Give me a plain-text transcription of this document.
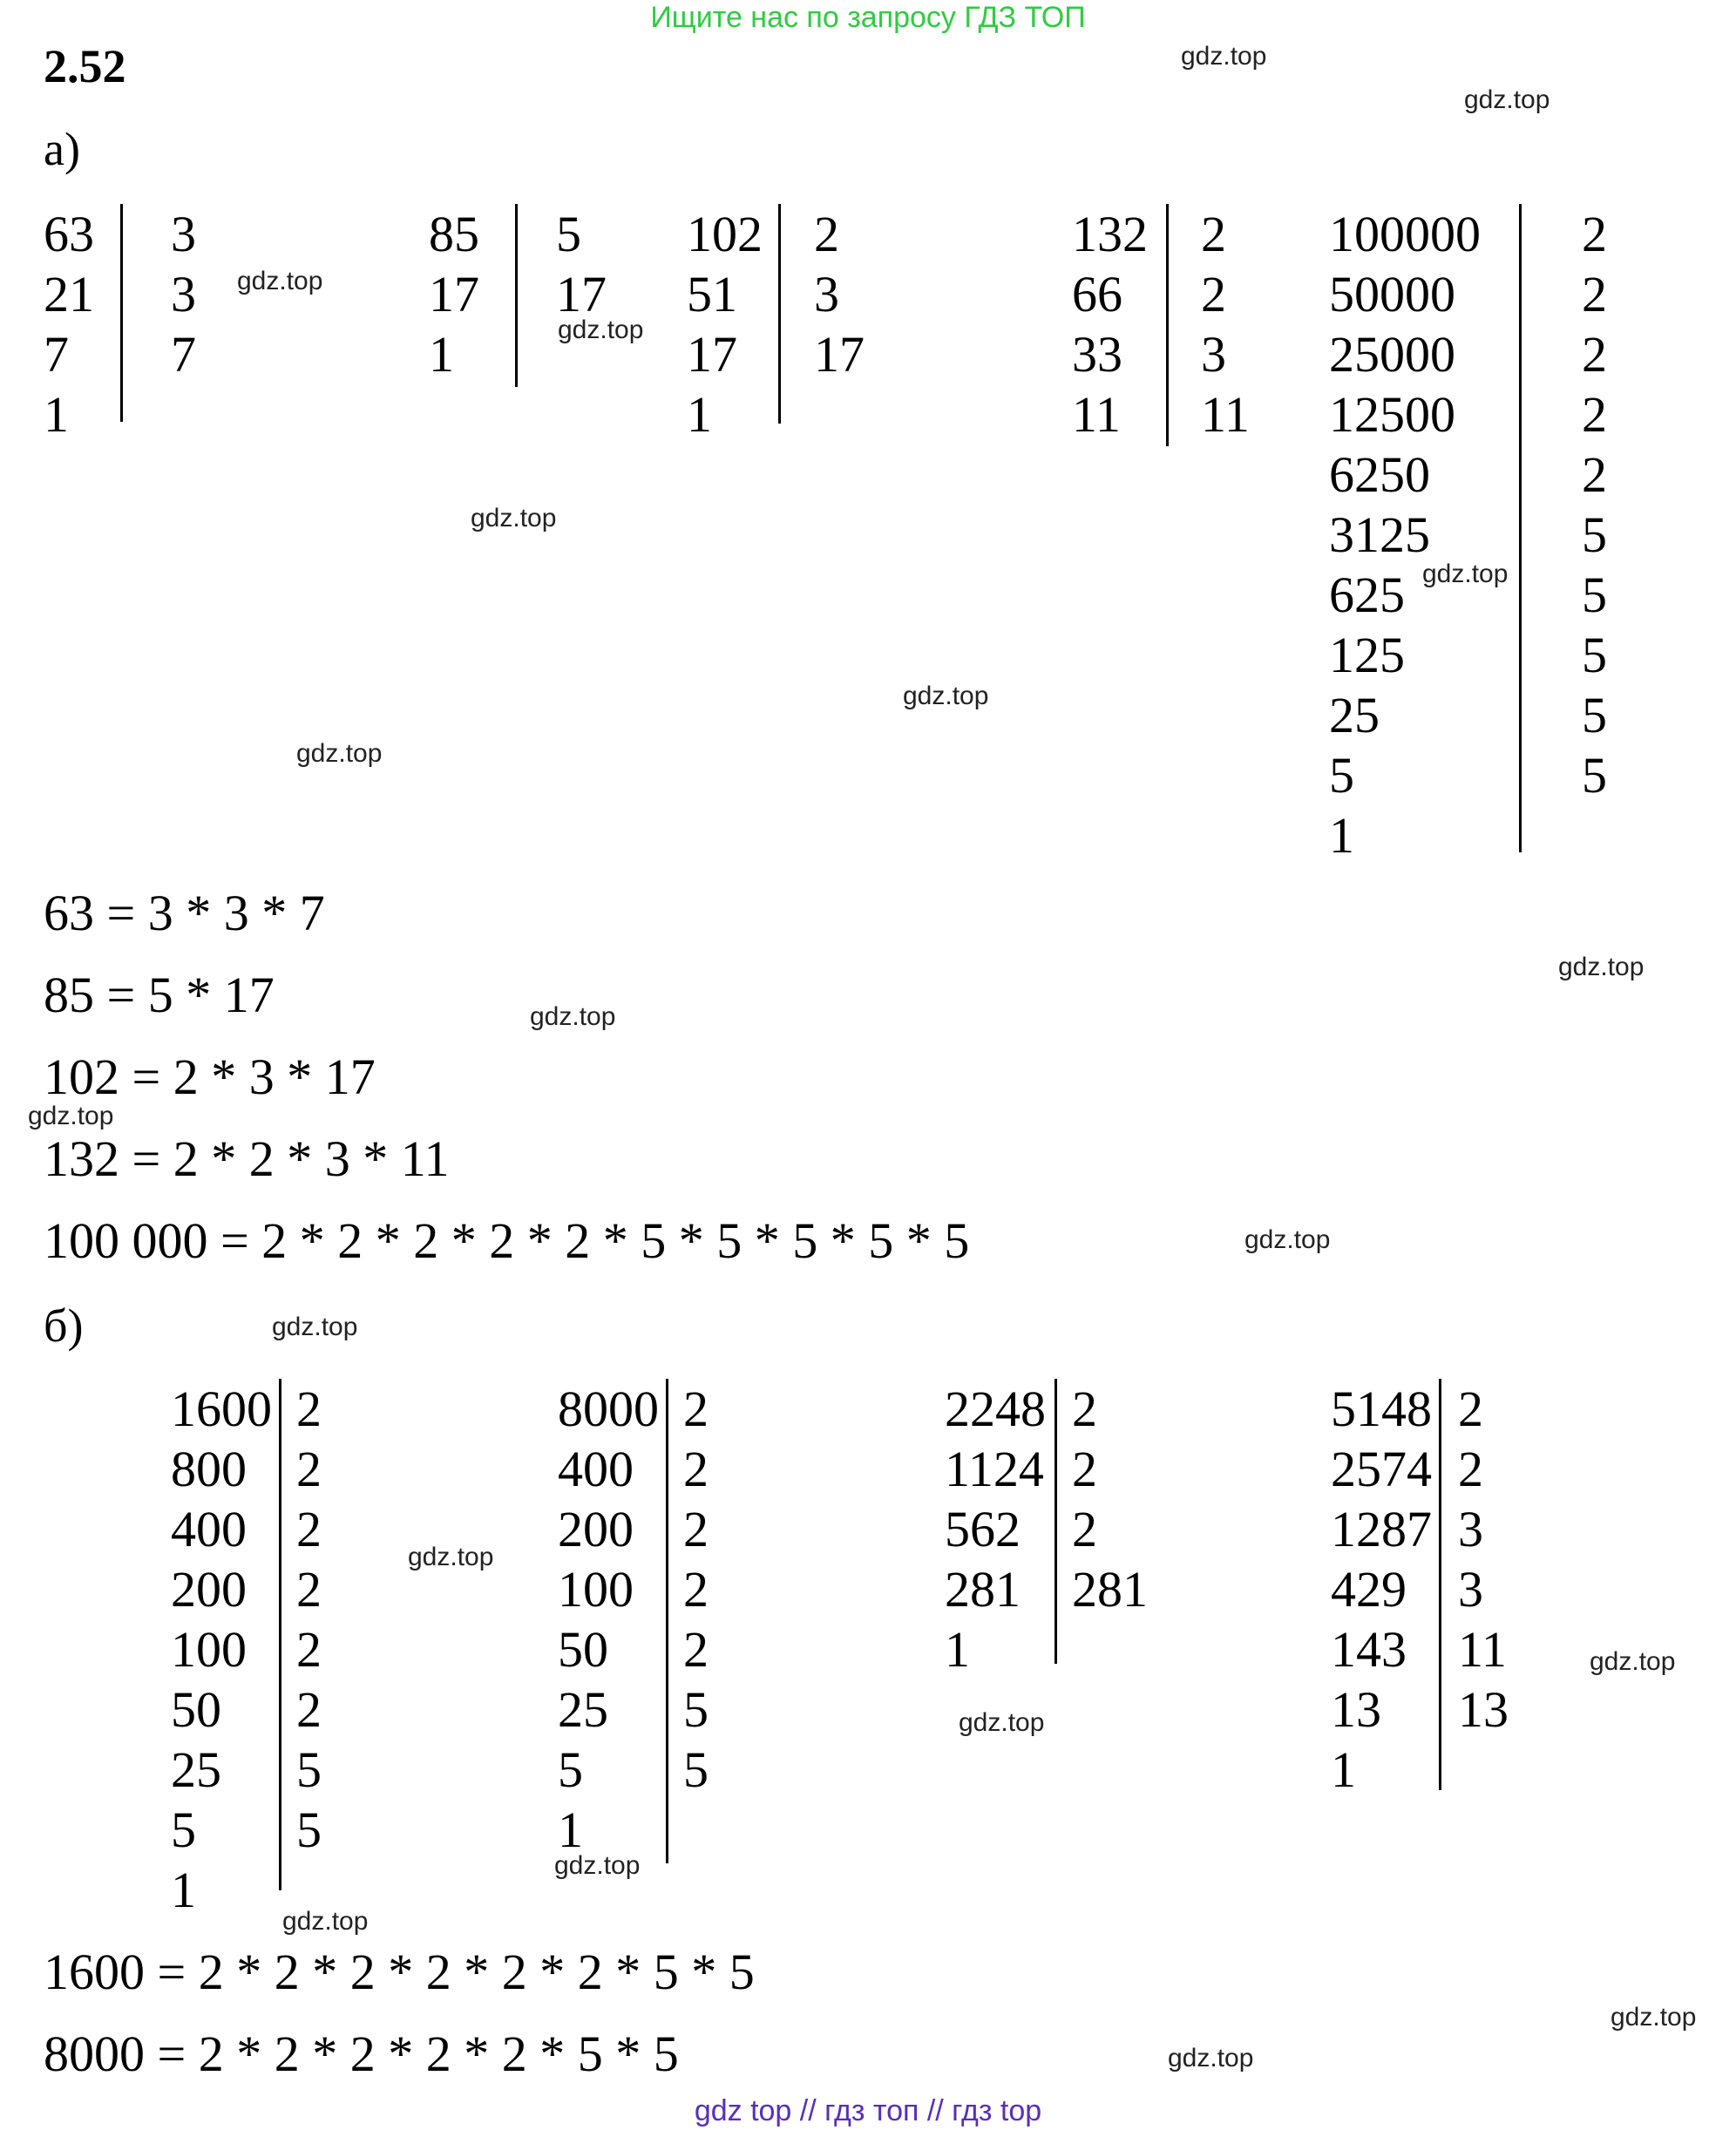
Ищите нас по запросу ГДЗ ТОП
2.52
а)
63
21
7
1
3
3
7
85
17
1
5
17
102
51
17
1
2
3
17
132
66
33
11
2
2
3
11
100000
50000
25000
12500
6250
3125
625
125
25
5
1
2
2
2
2
2
5
5
5
5
5
63 = 3 * 3 * 7
85 = 5 * 17
102 = 2 * 3 * 17
132 = 2 * 2 * 3 * 11
100 000 = 2 * 2 * 2 * 2 * 2 * 5 * 5 * 5 * 5 * 5
б)
1600
800
400
200
100
50
25
5
1
2
2
2
2
2
2
5
5
8000
400
200
100
50
25
5
1
2
2
2
2
2
5
5
2248
1124
562
281
1
2
2
2
281
5148
2574
1287
429
143
13
1
2
2
3
3
11
13
1600 = 2 * 2 * 2 * 2 * 2 * 2 * 5 * 5
8000 = 2 * 2 * 2 * 2 * 2 * 5 * 5
gdz.top
gdz.top
gdz.top
gdz.top
gdz.top
gdz.top
gdz.top
gdz.top
gdz.top
gdz.top
gdz.top
gdz.top
gdz.top
gdz.top
gdz.top
gdz.top
gdz.top
gdz.top
gdz.top
gdz.top
gdz top // гдз топ // гдз top
